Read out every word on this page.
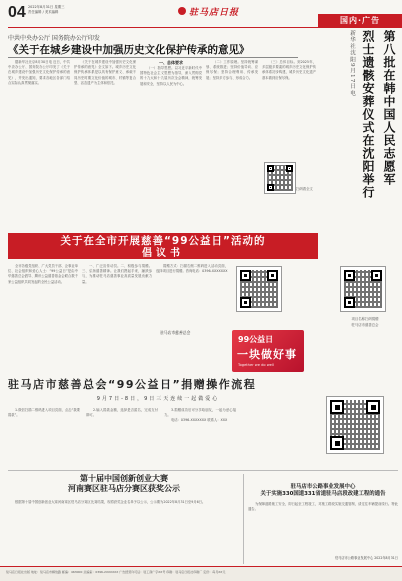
04 2022年8月31日 星期三
责任编辑 / 美术编辑	驻马店日报
国内·广告
中共中央办公厅 国务院办公厅印发
《关于在城乡建设中加强历史文化保护传承的意见》

据新华社北京8月30日电 近日，中共中央办公厅、国务院办公厅印发了《关于在城乡建设中加强历史文化保护传承的意见》，并发出通知，要求各地区各部门结合实际认真贯彻落实。

《关于在城乡建设中加强历史文化保护传承的意见》全文如下。城乡历史文化保护传承体系是以具有保护意义、承载不同历史时期文化价值的城市、村镇等复合型、活态遗产为主体和依托。

一、总体要求

（一）指导思想。以习近平新时代中国特色社会主义思想为指导，深入贯彻党的十九大和十九届历次全会精神，统筹发展和安全，坚持以人民为中心。

（二）工作原理。坚持统筹谋划、系统推进；坚持价值导向、应保尽保；坚持合理利用、传承发展；坚持多方参与、形成合力。

（三）总体目标。到2025年，多层级多要素的城乡历史文化保护传承体系初步构建，城乡历史文化遗产基本做到应保尽保。

扫码看全文
第八批在韩中国人民志愿军
烈士遗骸安葬仪式在沈阳举行
新华社沈阳9月17日电
关于在全市开展慈善“99公益日”活动的
倡议书

全市各级党组织、广大党员干部、企事业单位、社会组织和爱心人士：“99公益日”是由中华慈善总会倡导、腾讯公益慈善基金会联合数千家公益组织共同发起的全民公益活动。

一、广泛宣传动员。二、积极参与捐赠。三、弘扬慈善精神。让我们携起手来，踊跃参与，为推动驻马店慈善事业高质量发展贡献力量。

捐赠方式：扫描右侧二维码进入活动页面，选择项目进行捐赠。咨询电话：0396-XXXXXXX

驻马店市慈善总会
项目名称扫码捐赠
驻马店市慈善总会
99公益日
一块做好事
Together we do well
驻马店市慈善总会“99公益日”捐赠操作流程
9月7日-8日，9日三天连续一起做爱心

1.微信扫描二维码进入项目页面，点击“我要捐款”。

2.输入捐款金额，选择是否匿名，完成支付即可。

3.捐赠成功后可分享给朋友，一起为爱心接力。

电话：0396-XXXXXXX 联系人：XXX

第十届中国创新创业大赛
河南赛区驻马店分赛区获奖公示

根据第十届中国创新创业大赛河南赛区驻马店分赛区比赛结果，现将获奖企业名单予以公示，公示期为2022年8月31日至9月6日。

驻马店市公路事业发展中心
关于实施330国道331省道驻马店段改建工程的通告

为保障道路施工安全，即日起至工程竣工，对施工路段实施交通管制，请过往车辆提前绕行。特此通告。

驻马店市公路事业发展中心 2022年8月31日
驻马店日报社出版 地址：驻马店市解放路 邮编：463000 总编室：0396-2XXXXXX 广告经营许可证：驻工商广字XX号 印刷：驻马店日报社印刷厂 定价：每月XX元
